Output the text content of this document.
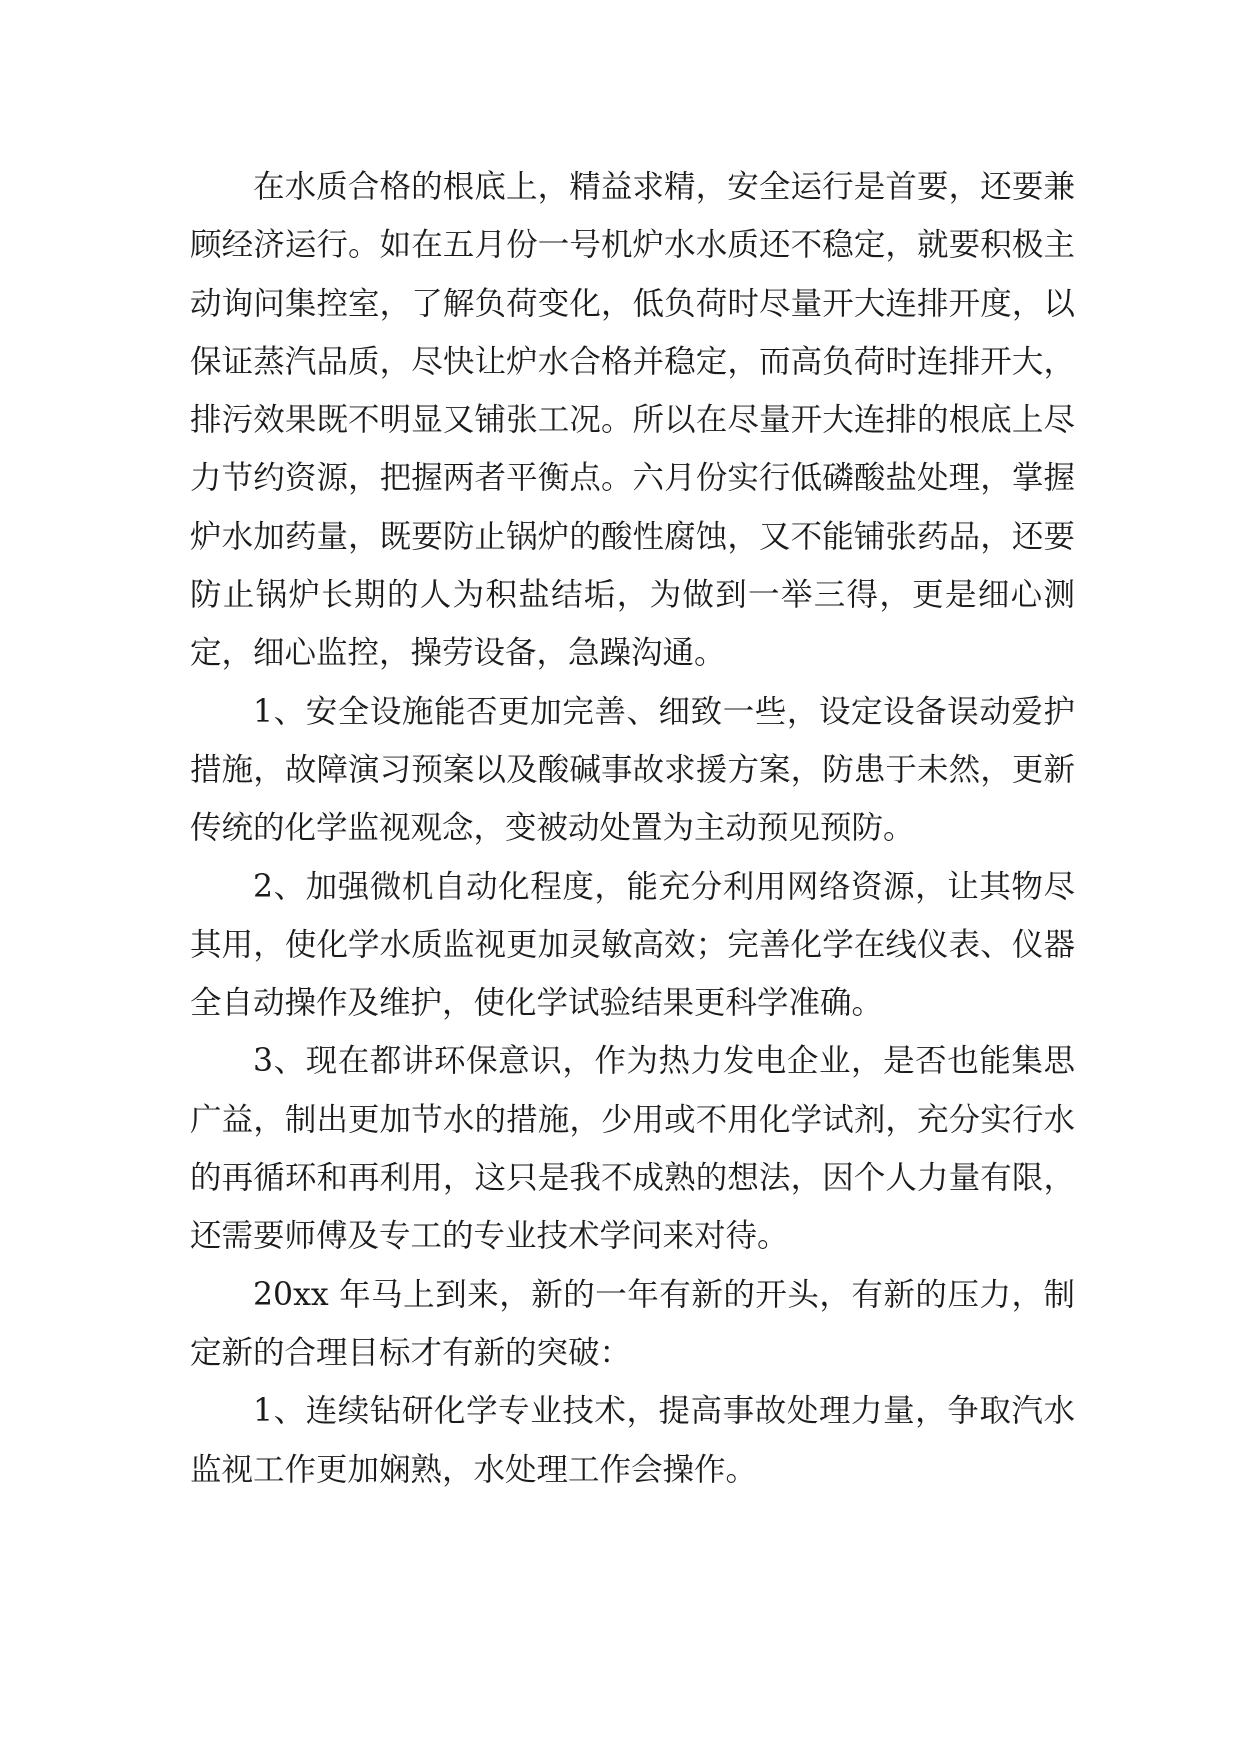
在水质合格的根底上，精益求精，安全运行是首要，还要兼顾经济运行。如在五月份一号机炉水水质还不稳定，就要积极主动询问集控室，了解负荷变化，低负荷时尽量开大连排开度，以保证蒸汽品质，尽快让炉水合格并稳定，而高负荷时连排开大，排污效果既不明显又铺张工况。所以在尽量开大连排的根底上尽力节约资源，把握两者平衡点。六月份实行低磷酸盐处理，掌握炉水加药量，既要防止锅炉的酸性腐蚀，又不能铺张药品，还要防止锅炉长期的人为积盐结垢，为做到一举三得，更是细心测定，细心监控，操劳设备，急躁沟通。

1、安全设施能否更加完善、细致一些，设定设备误动爱护措施，故障演习预案以及酸碱事故求援方案，防患于未然，更新传统的化学监视观念，变被动处置为主动预见预防。

2、加强微机自动化程度，能充分利用网络资源，让其物尽其用，使化学水质监视更加灵敏高效；完善化学在线仪表、仪器全自动操作及维护，使化学试验结果更科学准确。

3、现在都讲环保意识，作为热力发电企业，是否也能集思广益，制出更加节水的措施，少用或不用化学试剂，充分实行水的再循环和再利用，这只是我不成熟的想法，因个人力量有限，还需要师傅及专工的专业技术学问来对待。

20xx 年马上到来，新的一年有新的开头，有新的压力，制定新的合理目标才有新的突破：

1、连续钻研化学专业技术，提高事故处理力量，争取汽水监视工作更加娴熟，水处理工作会操作。
